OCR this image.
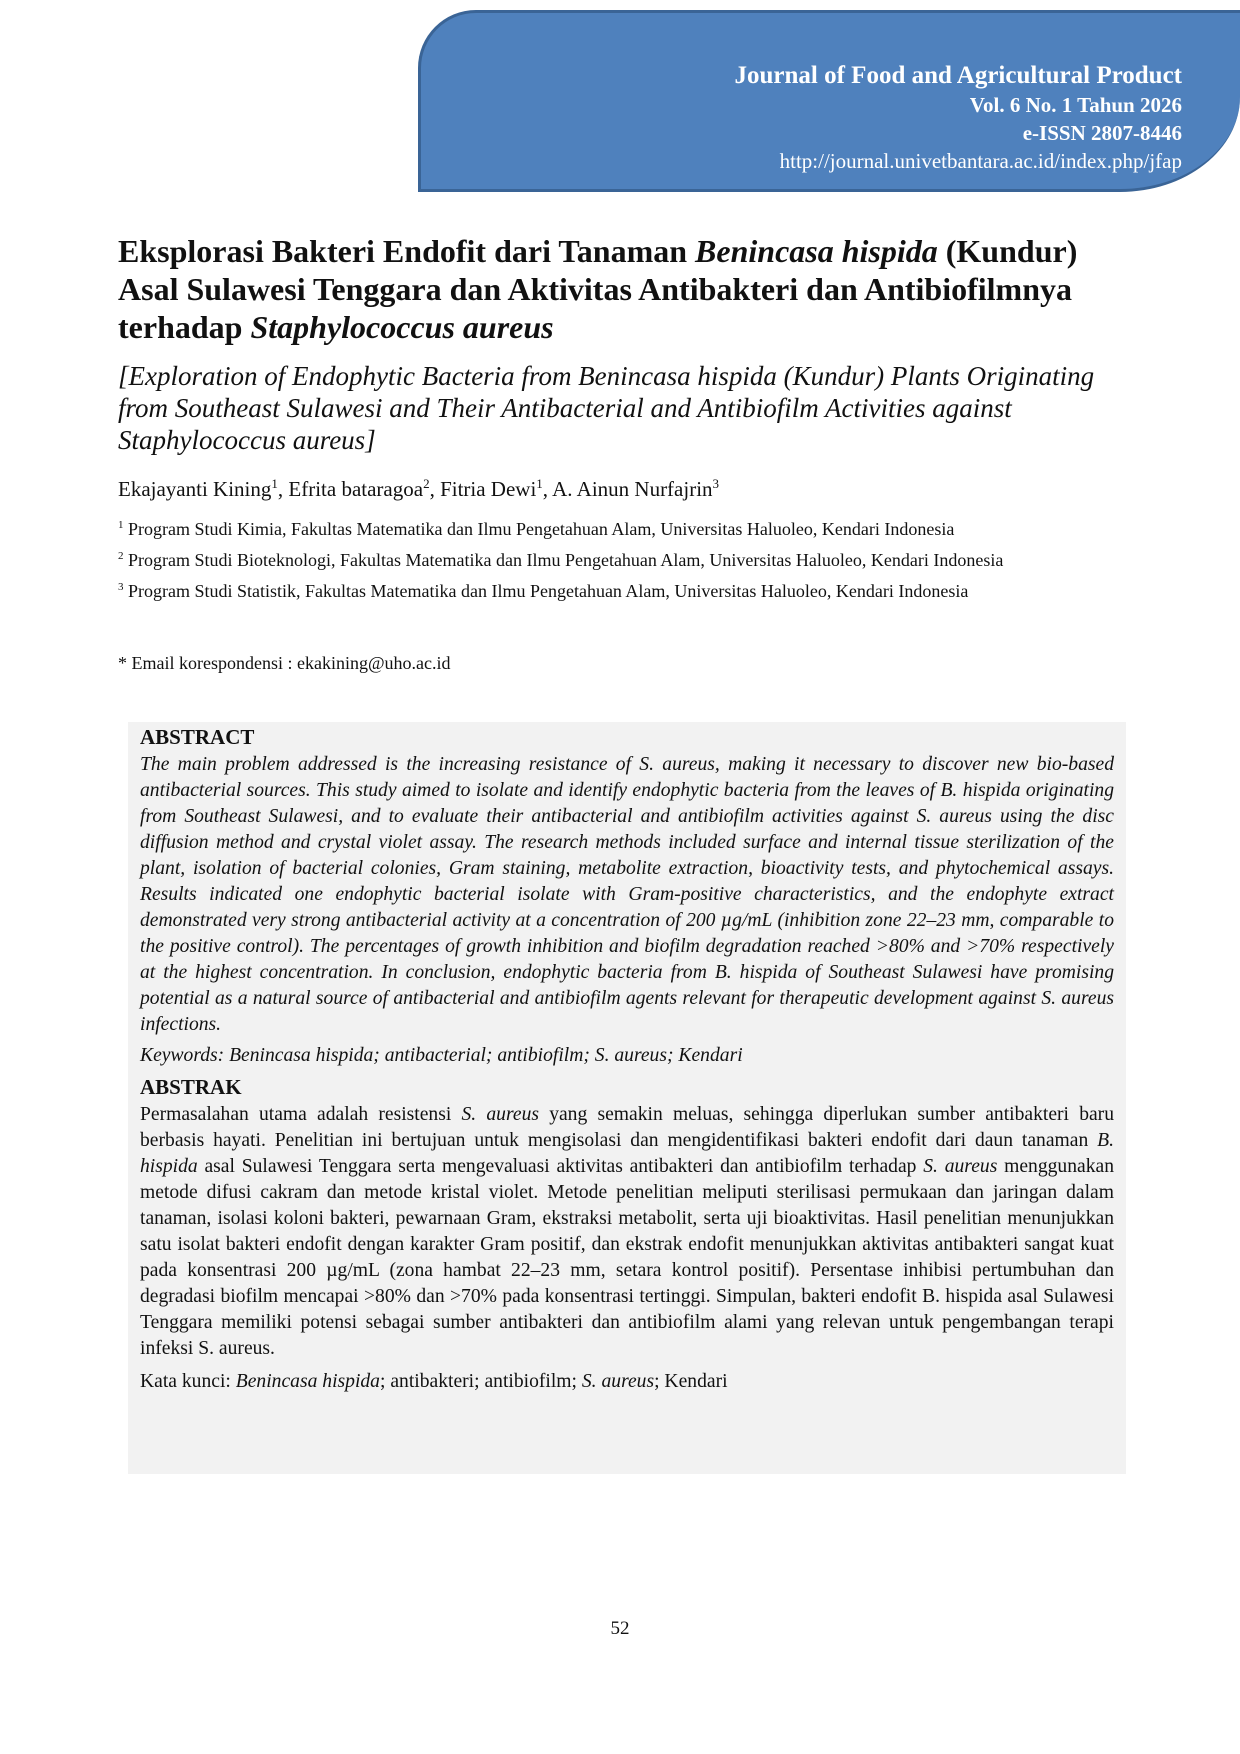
Journal of Food and Agricultural Product
Vol. 6 No. 1 Tahun 2026
e-ISSN 2807-8446
http://journal.univetbantara.ac.id/index.php/jfap
Eksplorasi Bakteri Endofit dari Tanaman Benincasa hispida (Kundur) Asal Sulawesi Tenggara dan Aktivitas Antibakteri dan Antibiofilmnya terhadap Staphylococcus aureus

[Exploration of Endophytic Bacteria from Benincasa hispida (Kundur) Plants Originating from Southeast Sulawesi and Their Antibacterial and Antibiofilm Activities against Staphylococcus aureus]

Ekajayanti Kining$^1$, Efrita bataragoa$^2$, Fitria Dewi$^1$, A. Ainun Nurfajrin$^3$

$^1$ Program Studi Kimia, Fakultas Matematika dan Ilmu Pengetahuan Alam, Universitas Haluoleo, Kendari Indonesia

$^2$ Program Studi Bioteknologi, Fakultas Matematika dan Ilmu Pengetahuan Alam, Universitas Haluoleo, Kendari Indonesia

$^3$ Program Studi Statistik, Fakultas Matematika dan Ilmu Pengetahuan Alam, Universitas Haluoleo, Kendari Indonesia

* Email korespondensi : ekakining@uho.ac.id

ABSTRACT

The main problem addressed is the increasing resistance of S. aureus, making it necessary to discover new bio-based antibacterial sources. This study aimed to isolate and identify endophytic bacteria from the leaves of B. hispida originating from Southeast Sulawesi, and to evaluate their antibacterial and antibiofilm activities against S. aureus using the disc diffusion method and crystal violet assay. The research methods included surface and internal tissue sterilization of the plant, isolation of bacterial colonies, Gram staining, metabolite extraction, bioactivity tests, and phytochemical assays. Results indicated one endophytic bacterial isolate with Gram-positive characteristics, and the endophyte extract demonstrated very strong antibacterial activity at a concentration of 200 µg/mL (inhibition zone 22–23 mm, comparable to the positive control). The percentages of growth inhibition and biofilm degradation reached >80% and >70% respectively at the highest concentration. In conclusion, endophytic bacteria from B. hispida of Southeast Sulawesi have promising potential as a natural source of antibacterial and antibiofilm agents relevant for therapeutic development against S. aureus infections.

Keywords: Benincasa hispida; antibacterial; antibiofilm; S. aureus; Kendari

ABSTRAK

Permasalahan utama adalah resistensi S. aureus yang semakin meluas, sehingga diperlukan sumber antibakteri baru berbasis hayati. Penelitian ini bertujuan untuk mengisolasi dan mengidentifikasi bakteri endofit dari daun tanaman B. hispida asal Sulawesi Tenggara serta mengevaluasi aktivitas antibakteri dan antibiofilm terhadap S. aureus menggunakan metode difusi cakram dan metode kristal violet. Metode penelitian meliputi sterilisasi permukaan dan jaringan dalam tanaman, isolasi koloni bakteri, pewarnaan Gram, ekstraksi metabolit, serta uji bioaktivitas. Hasil penelitian menunjukkan satu isolat bakteri endofit dengan karakter Gram positif, dan ekstrak endofit menunjukkan aktivitas antibakteri sangat kuat pada konsentrasi 200 µg/mL (zona hambat 22–23 mm, setara kontrol positif). Persentase inhibisi pertumbuhan dan degradasi biofilm mencapai >80% dan >70% pada konsentrasi tertinggi. Simpulan, bakteri endofit B. hispida asal Sulawesi Tenggara memiliki potensi sebagai sumber antibakteri dan antibiofilm alami yang relevan untuk pengembangan terapi infeksi S. aureus.

Kata kunci: Benincasa hispida; antibakteri; antibiofilm; S. aureus; Kendari

52
